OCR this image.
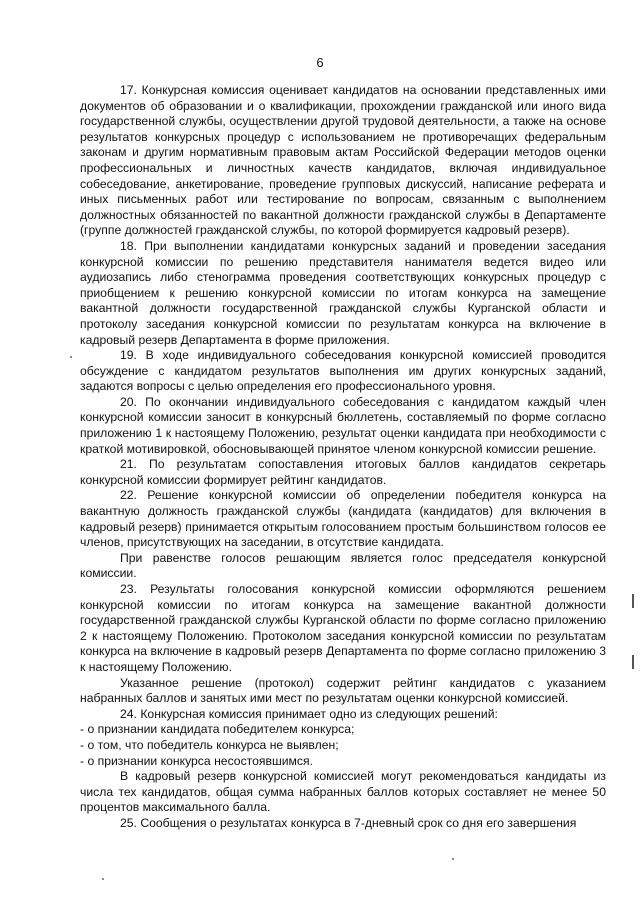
6

17. Конкурсная комиссия оценивает кандидатов на основании представленных ими документов об образовании и о квалификации, прохождении гражданской или иного вида государственной службы, осуществлении другой трудовой деятельности, а также на основе результатов конкурсных процедур с использованием не противоречащих федеральным законам и другим нормативным правовым актам Российской Федерации методов оценки профессиональных и личностных качеств кандидатов, включая индивидуальное собеседование, анкетирование, проведение групповых дискуссий, написание реферата и иных письменных работ или тестирование по вопросам, связанным с выполнением должностных обязанностей по вакантной должности гражданской службы в Департаменте (группе должностей гражданской службы, по которой формируется кадровый резерв).

18. При выполнении кандидатами конкурсных заданий и проведении заседания конкурсной комиссии по решению представителя нанимателя ведется видео или аудиозапись либо стенограмма проведения соответствующих конкурсных процедур с приобщением к решению конкурсной комиссии по итогам конкурса на замещение вакантной должности государственной гражданской службы Курганской области и протоколу заседания конкурсной комиссии по результатам конкурса на включение в кадровый резерв Департамента в форме приложения.

19. В ходе индивидуального собеседования конкурсной комиссией проводится обсуждение с кандидатом результатов выполнения им других конкурсных заданий, задаются вопросы с целью определения его профессионального уровня.

20. По окончании индивидуального собеседования с кандидатом каждый член конкурсной комиссии заносит в конкурсный бюллетень, составляемый по форме согласно приложению 1 к настоящему Положению, результат оценки кандидата при необходимости с краткой мотивировкой, обосновывающей принятое членом конкурсной комиссии решение.

21. По результатам сопоставления итоговых баллов кандидатов секретарь конкурсной комиссии формирует рейтинг кандидатов.

22. Решение конкурсной комиссии об определении победителя конкурса на вакантную должность гражданской службы (кандидата (кандидатов) для включения в кадровый резерв) принимается открытым голосованием простым большинством голосов ее членов, присутствующих на заседании, в отсутствие кандидата.

При равенстве голосов решающим является голос председателя конкурсной комиссии.

23. Результаты голосования конкурсной комиссии оформляются решением конкурсной комиссии по итогам конкурса на замещение вакантной должности государственной гражданской службы Курганской области по форме согласно приложению 2 к настоящему Положению. Протоколом заседания конкурсной комиссии по результатам конкурса на включение в кадровый резерв Департамента по форме согласно приложению 3 к настоящему Положению.

Указанное решение (протокол) содержит рейтинг кандидатов с указанием набранных баллов и занятых ими мест по результатам оценки конкурсной комиссией.

24. Конкурсная комиссия принимает одно из следующих решений:

- о признании кандидата победителем конкурса;

- о том, что победитель конкурса не выявлен;

- о признании конкурса несостоявшимся.

В кадровый резерв конкурсной комиссией могут рекомендоваться кандидаты из числа тех кандидатов, общая сумма набранных баллов которых составляет не менее 50 процентов максимального балла.

25. Сообщения о результатах конкурса в 7-дневный срок со дня его завершения
